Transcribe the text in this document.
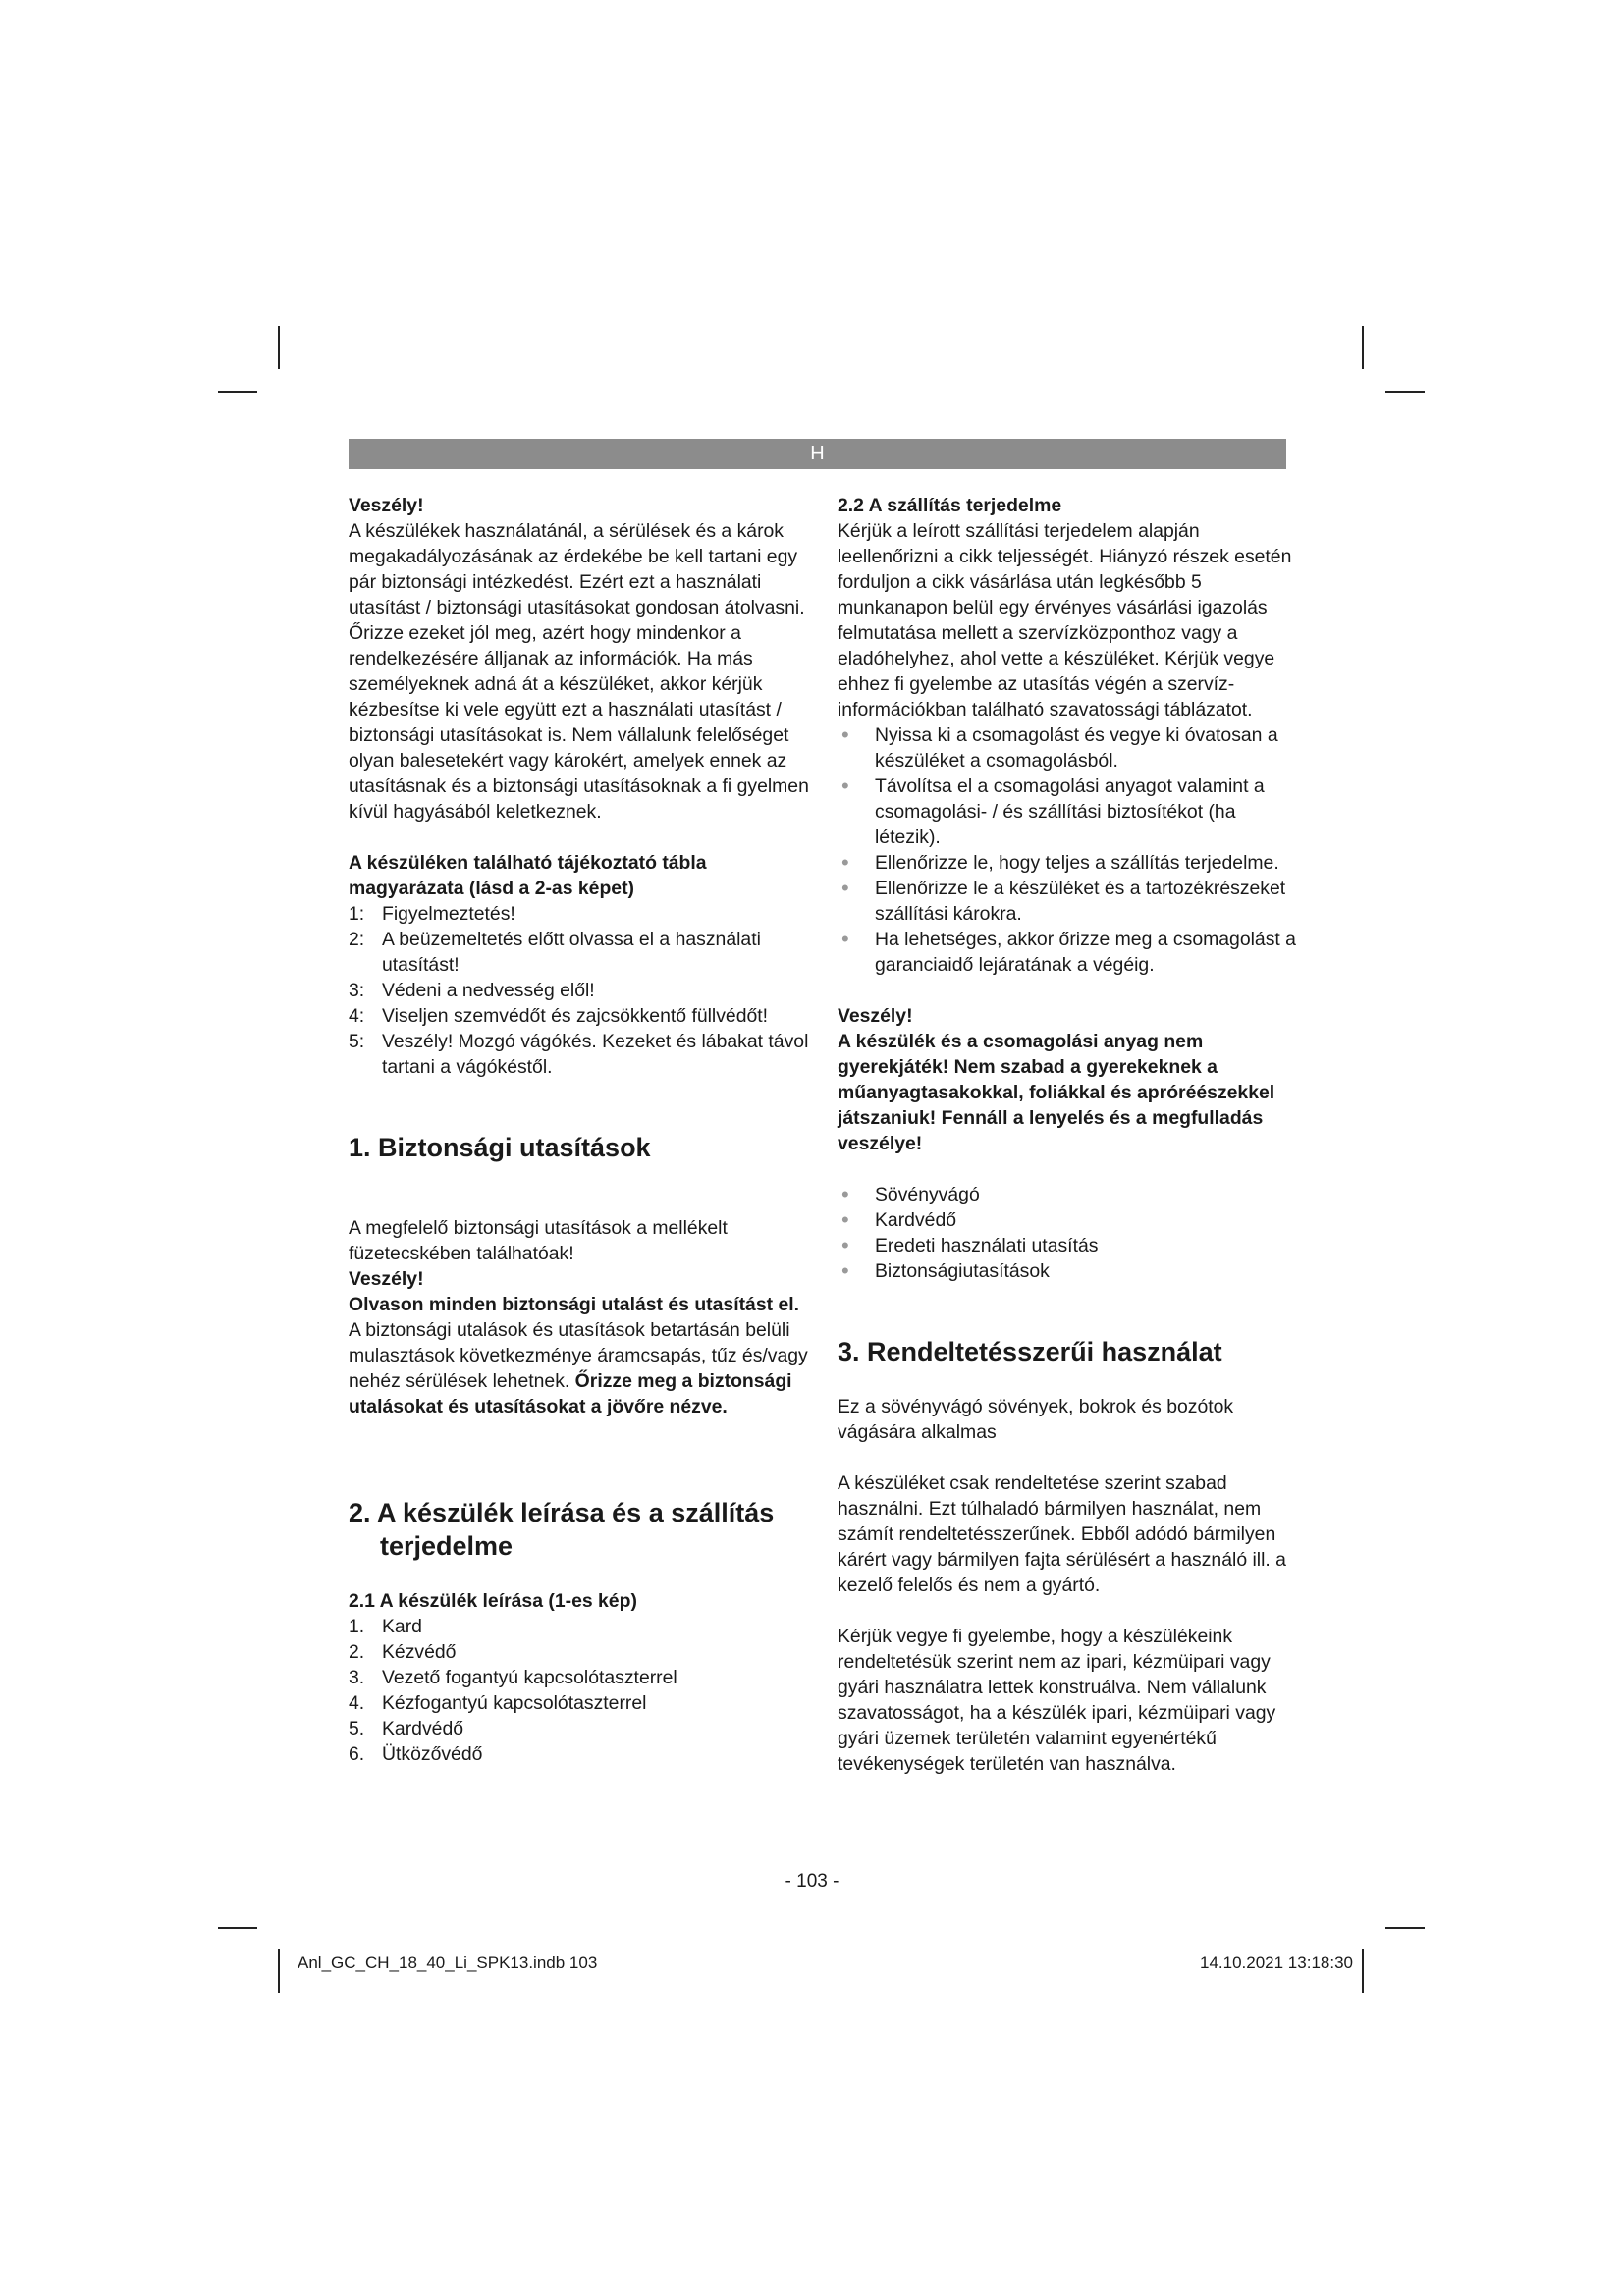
H

Veszély!

A készülékek használatánál, a sérülések és a károk megakadályozásának az érdekébe be kell tartani egy pár biztonsági intézkedést. Ezért ezt a használati utasítást / biztonsági utasításokat gondosan átolvasni. Őrizze ezeket jól meg, azért hogy mindenkor a rendelkezésére álljanak az információk. Ha más személyeknek adná át a készüléket, akkor kérjük kézbesítse ki vele együtt ezt a használati utasítást / biztonsági utasításokat is. Nem vállalunk felelőséget olyan balesetekért vagy károkért, amelyek ennek az utasításnak és a biztonsági utasításoknak a fi gyelmen kívül hagyásából keletkeznek.

A készüléken található tájékoztató tábla magyarázata (lásd a 2-as képet)

1: Figyelmeztetés!
2: A beüzemeltetés előtt olvassa el a használati utasítást!
3: Védeni a nedvesség elől!
4: Viseljen szemvédőt és zajcsökkentő füllvédőt!
5: Veszély! Mozgó vágókés. Kezeket és lábakat távol tartani a vágókéstől.
1. Biztonsági utasítások

A megfelelő biztonsági utasítások a mellékelt füzetecskében találhatóak!

Veszély!

Olvason minden biztonsági utalást és utasítást el. A biztonsági utalások és utasítások betartásán belüli mulasztások következménye áramcsapás, tűz és/vagy nehéz sérülések lehetnek. Őrizze meg a biztonsági utalásokat és utasításokat a jövőre nézve.

2. A készülék leírása és a szállítás terjedelme

2.1 A készülék leírása (1-es kép)

1. Kard
2. Kézvédő
3. Vezető fogantyú kapcsolótaszterrel
4. Kézfogantyú kapcsolótaszterrel
5. Kardvédő
6. Ütközővédő

2.2 A szállítás terjedelme

Kérjük a leírott szállítási terjedelem alapján leellenőrizni a cikk teljességét. Hiányzó részek esetén forduljon a cikk vásárlása után legkésőbb 5 munkanapon belül egy érvényes vásárlási igazolás felmutatása mellett a szervízközponthoz vagy a eladóhelyhez, ahol vette a készüléket. Kérjük vegye ehhez fi gyelembe az utasítás végén a szervíz-információkban található szavatossági táblázatot.

• Nyissa ki a csomagolást és vegye ki óvatosan a készüléket a csomagolásból.
• Távolítsa el a csomagolási anyagot valamint a csomagolási- / és szállítási biztosítékot (ha létezik).
• Ellenőrizze le, hogy teljes a szállítás terjedelme.
• Ellenőrizze le a készüléket és a tartozékrészeket szállítási károkra.
• Ha lehetséges, akkor őrizze meg a csomagolást a garanciaidő lejáratának a végéig.

Veszély!

A készülék és a csomagolási anyag nem gyerekjáték! Nem szabad a gyerekeknek a műanyagtasakokkal, foliákkal és apróréészekkel játszaniuk! Fennáll a lenyelés és a megfulladás veszélye!

• Sövényvágó
• Kardvédő
• Eredeti használati utasítás
• Biztonságiutasítások
3. Rendeltetésszerűi használat

Ez a sövényvágó sövények, bokrok és bozótok vágására alkalmas

A készüléket csak rendeltetése szerint szabad használni. Ezt túlhaladó bármilyen használat, nem számít rendeltetésszerűnek. Ebből adódó bármilyen kárért vagy bármilyen fajta sérülésért a használó ill. a kezelő felelős és nem a gyártó.

Kérjük vegye fi gyelembe, hogy a készülékeink rendeltetésük szerint nem az ipari, kézmüipari vagy gyári használatra lettek konstruálva. Nem vállalunk szavatosságot, ha a készülék ipari, kézmüipari vagy gyári üzemek területén valamint egyenértékű tevékenységek területén van használva.

- 103 -
Anl_GC_CH_18_40_Li_SPK13.indb 103	14.10.2021 13:18:30
